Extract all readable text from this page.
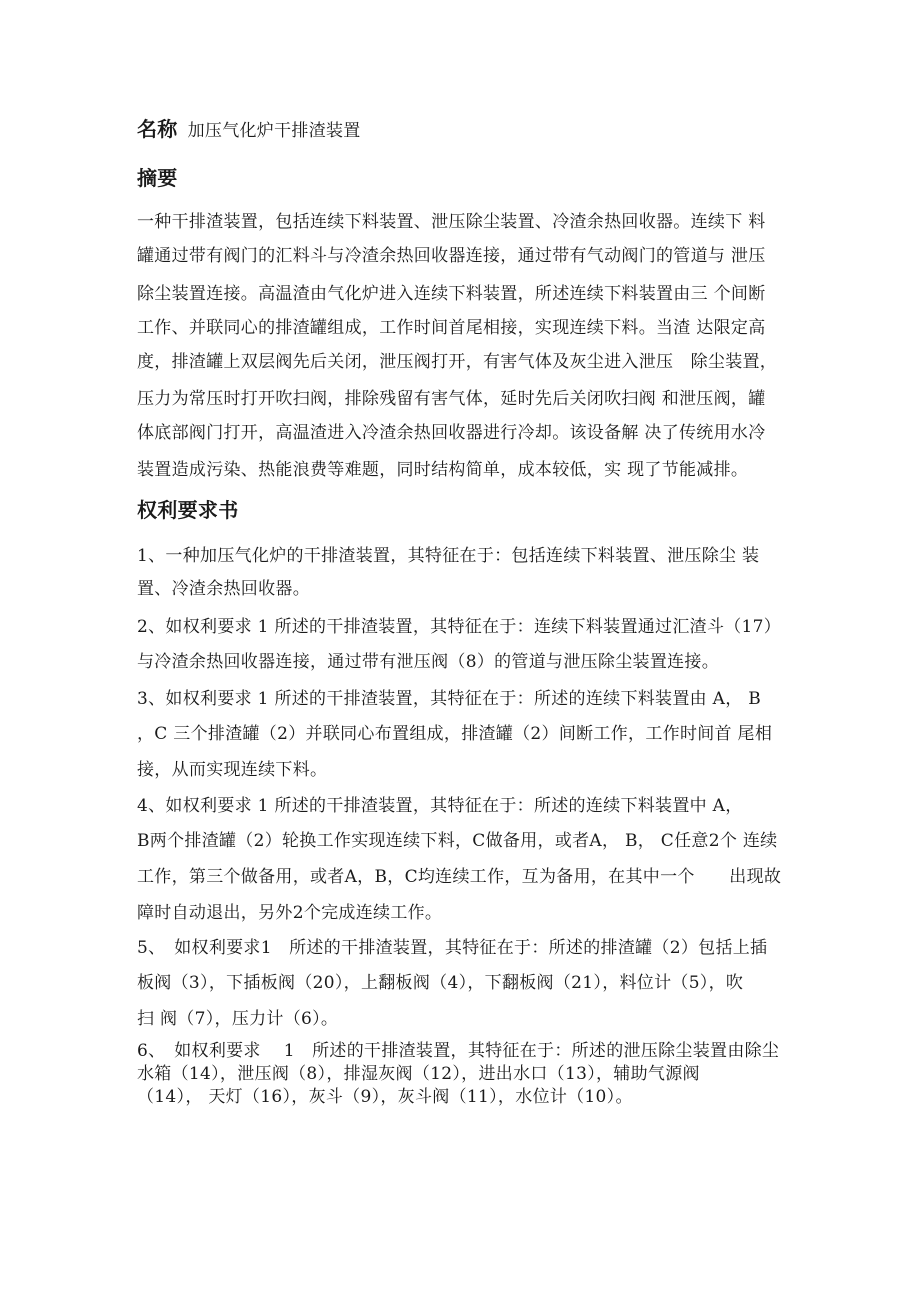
名称 加压气化炉干排渣装置
摘要
一种干排渣装置，包括连续下料装置、泄压除尘装置、冷渣余热回收器。连续下 料
罐通过带有阀门的汇料斗与冷渣余热回收器连接，通过带有气动阀门的管道与 泄压
除尘装置连接。高温渣由气化炉进入连续下料装置，所述连续下料装置由三 个间断
工作、并联同心的排渣罐组成，工作时间首尾相接，实现连续下料。当渣 达限定高
度，排渣罐上双层阀先后关闭，泄压阀打开，有害气体及灰尘进入泄压　除尘装置，
压力为常压时打开吹扫阀，排除残留有害气体，延时先后关闭吹扫阀 和泄压阀，罐
体底部阀门打开，高温渣进入冷渣余热回收器进行冷却。该设备解 决了传统用水冷
装置造成污染、热能浪费等难题，同时结构简单，成本较低，实 现了节能减排。
权利要求书
1、一种加压气化炉的干排渣装置，其特征在于：包括连续下料装置、泄压除尘 装
置、冷渣余热回收器。
2、如权利要求 1 所述的干排渣装置，其特征在于：连续下料装置通过汇渣斗（17）
与冷渣余热回收器连接，通过带有泄压阀（8）的管道与泄压除尘装置连接。
3、如权利要求 1 所述的干排渣装置，其特征在于：所述的连续下料装置由 A， B
，C 三个排渣罐（2）并联同心布置组成，排渣罐（2）间断工作，工作时间首 尾相
接，从而实现连续下料。
4、如权利要求 1 所述的干排渣装置，其特征在于：所述的连续下料装置中 A，
B两个排渣罐（2）轮换工作实现连续下料，C做备用，或者A， B， C任意2个 连续
工作，第三个做备用，或者A，B，C均连续工作，互为备用，在其中一个　　出现故
障时自动退出，另外2个完成连续工作。
5、　如权利要求1　所述的干排渣装置，其特征在于：所述的排渣罐（2）包括上插
板阀（3），下插板阀（20），上翻板阀（4），下翻板阀（21），料位计（5），吹
扫 阀（7），压力计（6）。
6、　如权利要求　 1　所述的干排渣装置，其特征在于：所述的泄压除尘装置由除尘
水箱（14），泄压阀（8），排湿灰阀（12），进出水口（13），辅助气源阀
（14）， 天灯（16），灰斗（9），灰斗阀（11），水位计（10）。
